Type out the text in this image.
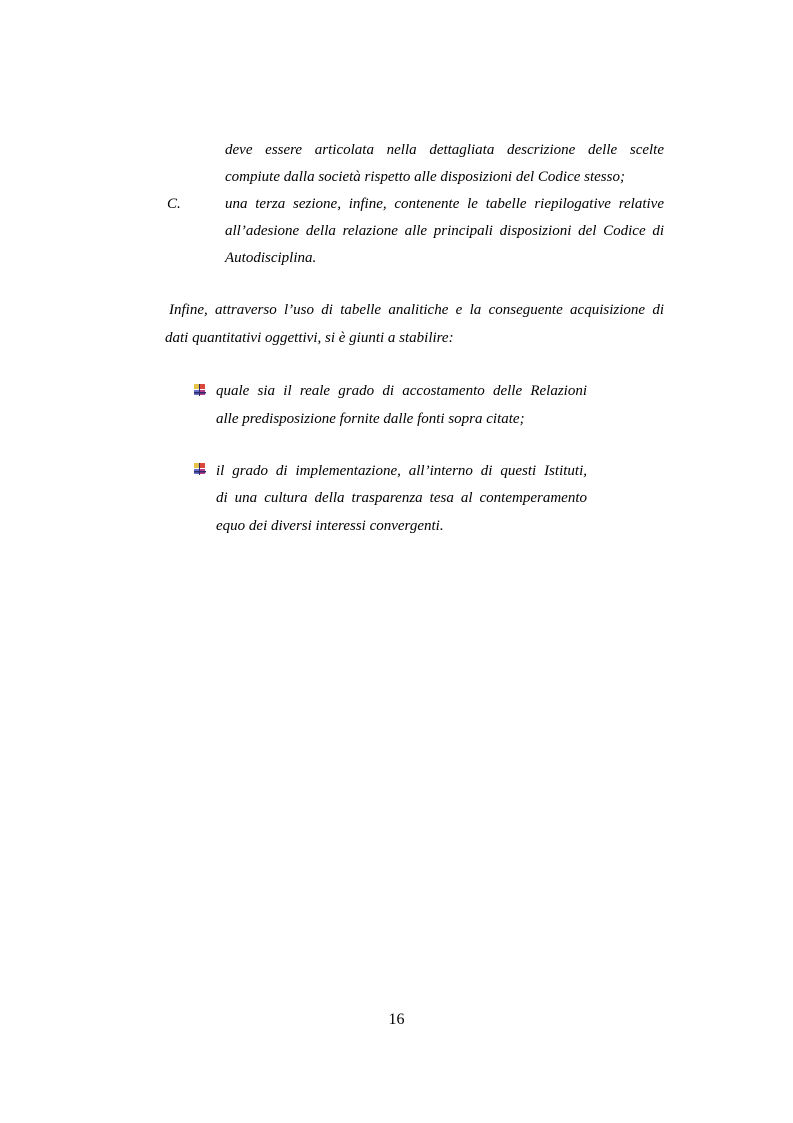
deve essere articolata nella dettagliata descrizione delle scelte
compiute dalla società rispetto alle disposizioni del Codice stesso;
C.	una terza sezione, infine, contenente le tabelle riepilogative relative
all’adesione della relazione alle principali disposizioni del Codice di
Autodisciplina.
Infine, attraverso l’uso di tabelle analitiche e la conseguente acquisizione di
dati quantitativi oggettivi, si è giunti a stabilire:
quale sia il reale grado di accostamento delle Relazioni
alle predisposizione fornite dalle fonti sopra citate;
il grado di implementazione, all’interno di questi Istituti,
di una cultura della trasparenza tesa al contemperamento
equo dei diversi interessi convergenti.
16
